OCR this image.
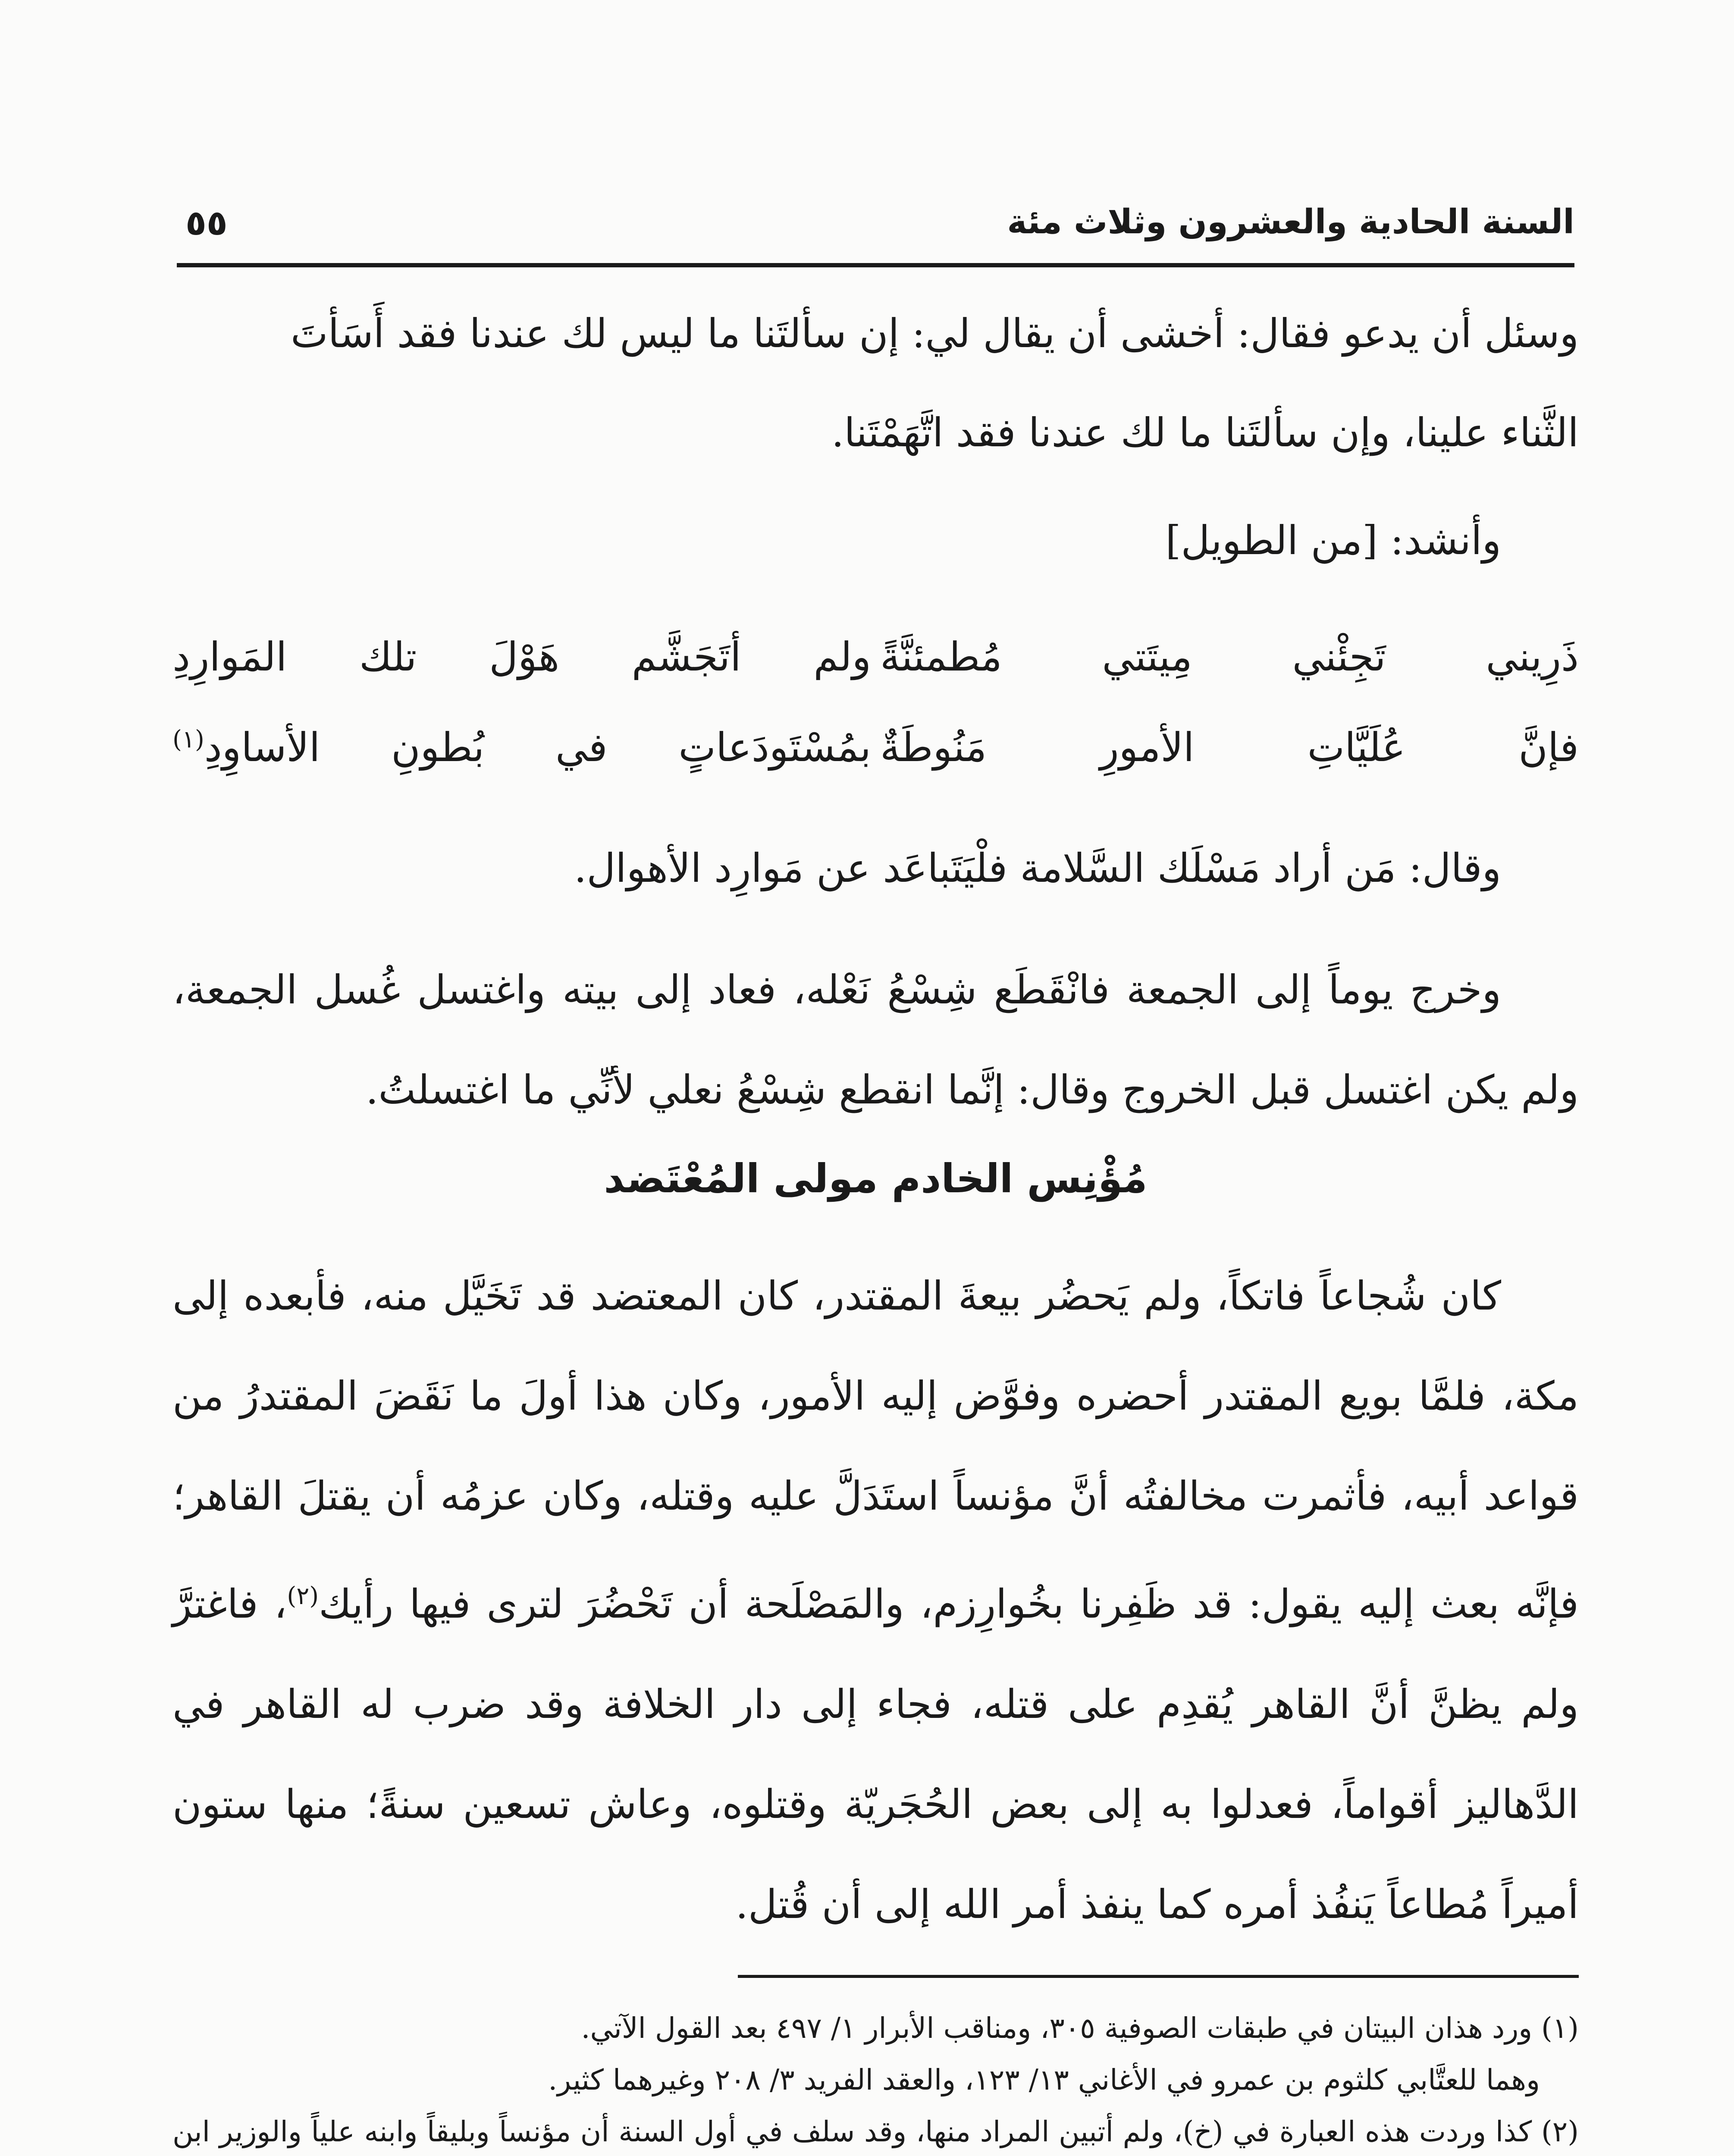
السنة الحادية والعشرون وثلاث مئة
٥٥
وسئل أن يدعو فقال: أخشى أن يقال لي: إن سألتَنا ما ليس لك عندنا فقد أَسَأتَ
الثَّناء علينا، وإن سألتَنا ما لك عندنا فقد اتَّهَمْتَنا.
وأنشد: [من الطويل]
ذَرِيني تَجِئْني مِيتَتي مُطمئنَّةً
ولم أتَجَشَّم هَوْلَ تلك المَوارِدِ
فإنَّ عُلَيَّاتِ الأمورِ مَنُوطَةٌ
بمُسْتَودَعاتٍ في بُطونِ الأساوِدِ$^{(١)}$
وقال: مَن أراد مَسْلَك السَّلامة فلْيَتَباعَد عن مَوارِد الأهوال.
وخرج يوماً إلى الجمعة فانْقَطَع شِسْعُ نَعْله، فعاد إلى بيته واغتسل غُسل الجمعة، ولم يكن اغتسل قبل الخروج وقال: إنَّما انقطع شِسْعُ نعلي لأنِّي ما اغتسلتُ.
مُؤْنِس الخادم مولى المُعْتَضد
كان شُجاعاً فاتكاً، ولم يَحضُر بيعةَ المقتدر، كان المعتضد قد تَخَيَّل منه، فأبعده إلى مكة، فلمَّا بويع المقتدر أحضره وفوَّض إليه الأمور، وكان هذا أولَ ما نَقَضَ المقتدرُ من قواعد أبيه، فأثمرت مخالفتُه أنَّ مؤنساً استَدَلَّ عليه وقتله، وكان عزمُه أن يقتلَ القاهر؛ فإنَّه بعث إليه يقول: قد ظَفِرنا بخُوارِزم، والمَصْلَحة أن تَحْضُرَ لترى فيها رأيك$^{(٢)}$، فاغترَّ ولم يظنَّ أنَّ القاهر يُقدِم على قتله، فجاء إلى دار الخلافة وقد ضرب له القاهر في الدَّهاليز أقواماً، فعدلوا به إلى بعض الحُجَريّة وقتلوه، وعاش تسعين سنةً؛ منها ستون أميراً مُطاعاً يَنفُذ أمره كما ينفذ أمر الله إلى أن قُتل.
(١) ورد هذان البيتان في طبقات الصوفية ٣٠٥، ومناقب الأبرار ١/ ٤٩٧ بعد القول الآتي.
وهما للعتَّابي كلثوم بن عمرو في الأغاني ١٣/ ١٢٣، والعقد الفريد ٣/ ٢٠٨ وغيرهما كثير.
(٢) كذا وردت هذه العبارة في (خ)، ولم أتبين المراد منها، وقد سلف في أول السنة أن مؤنساً وبليقاً وابنه علياً والوزير ابن
